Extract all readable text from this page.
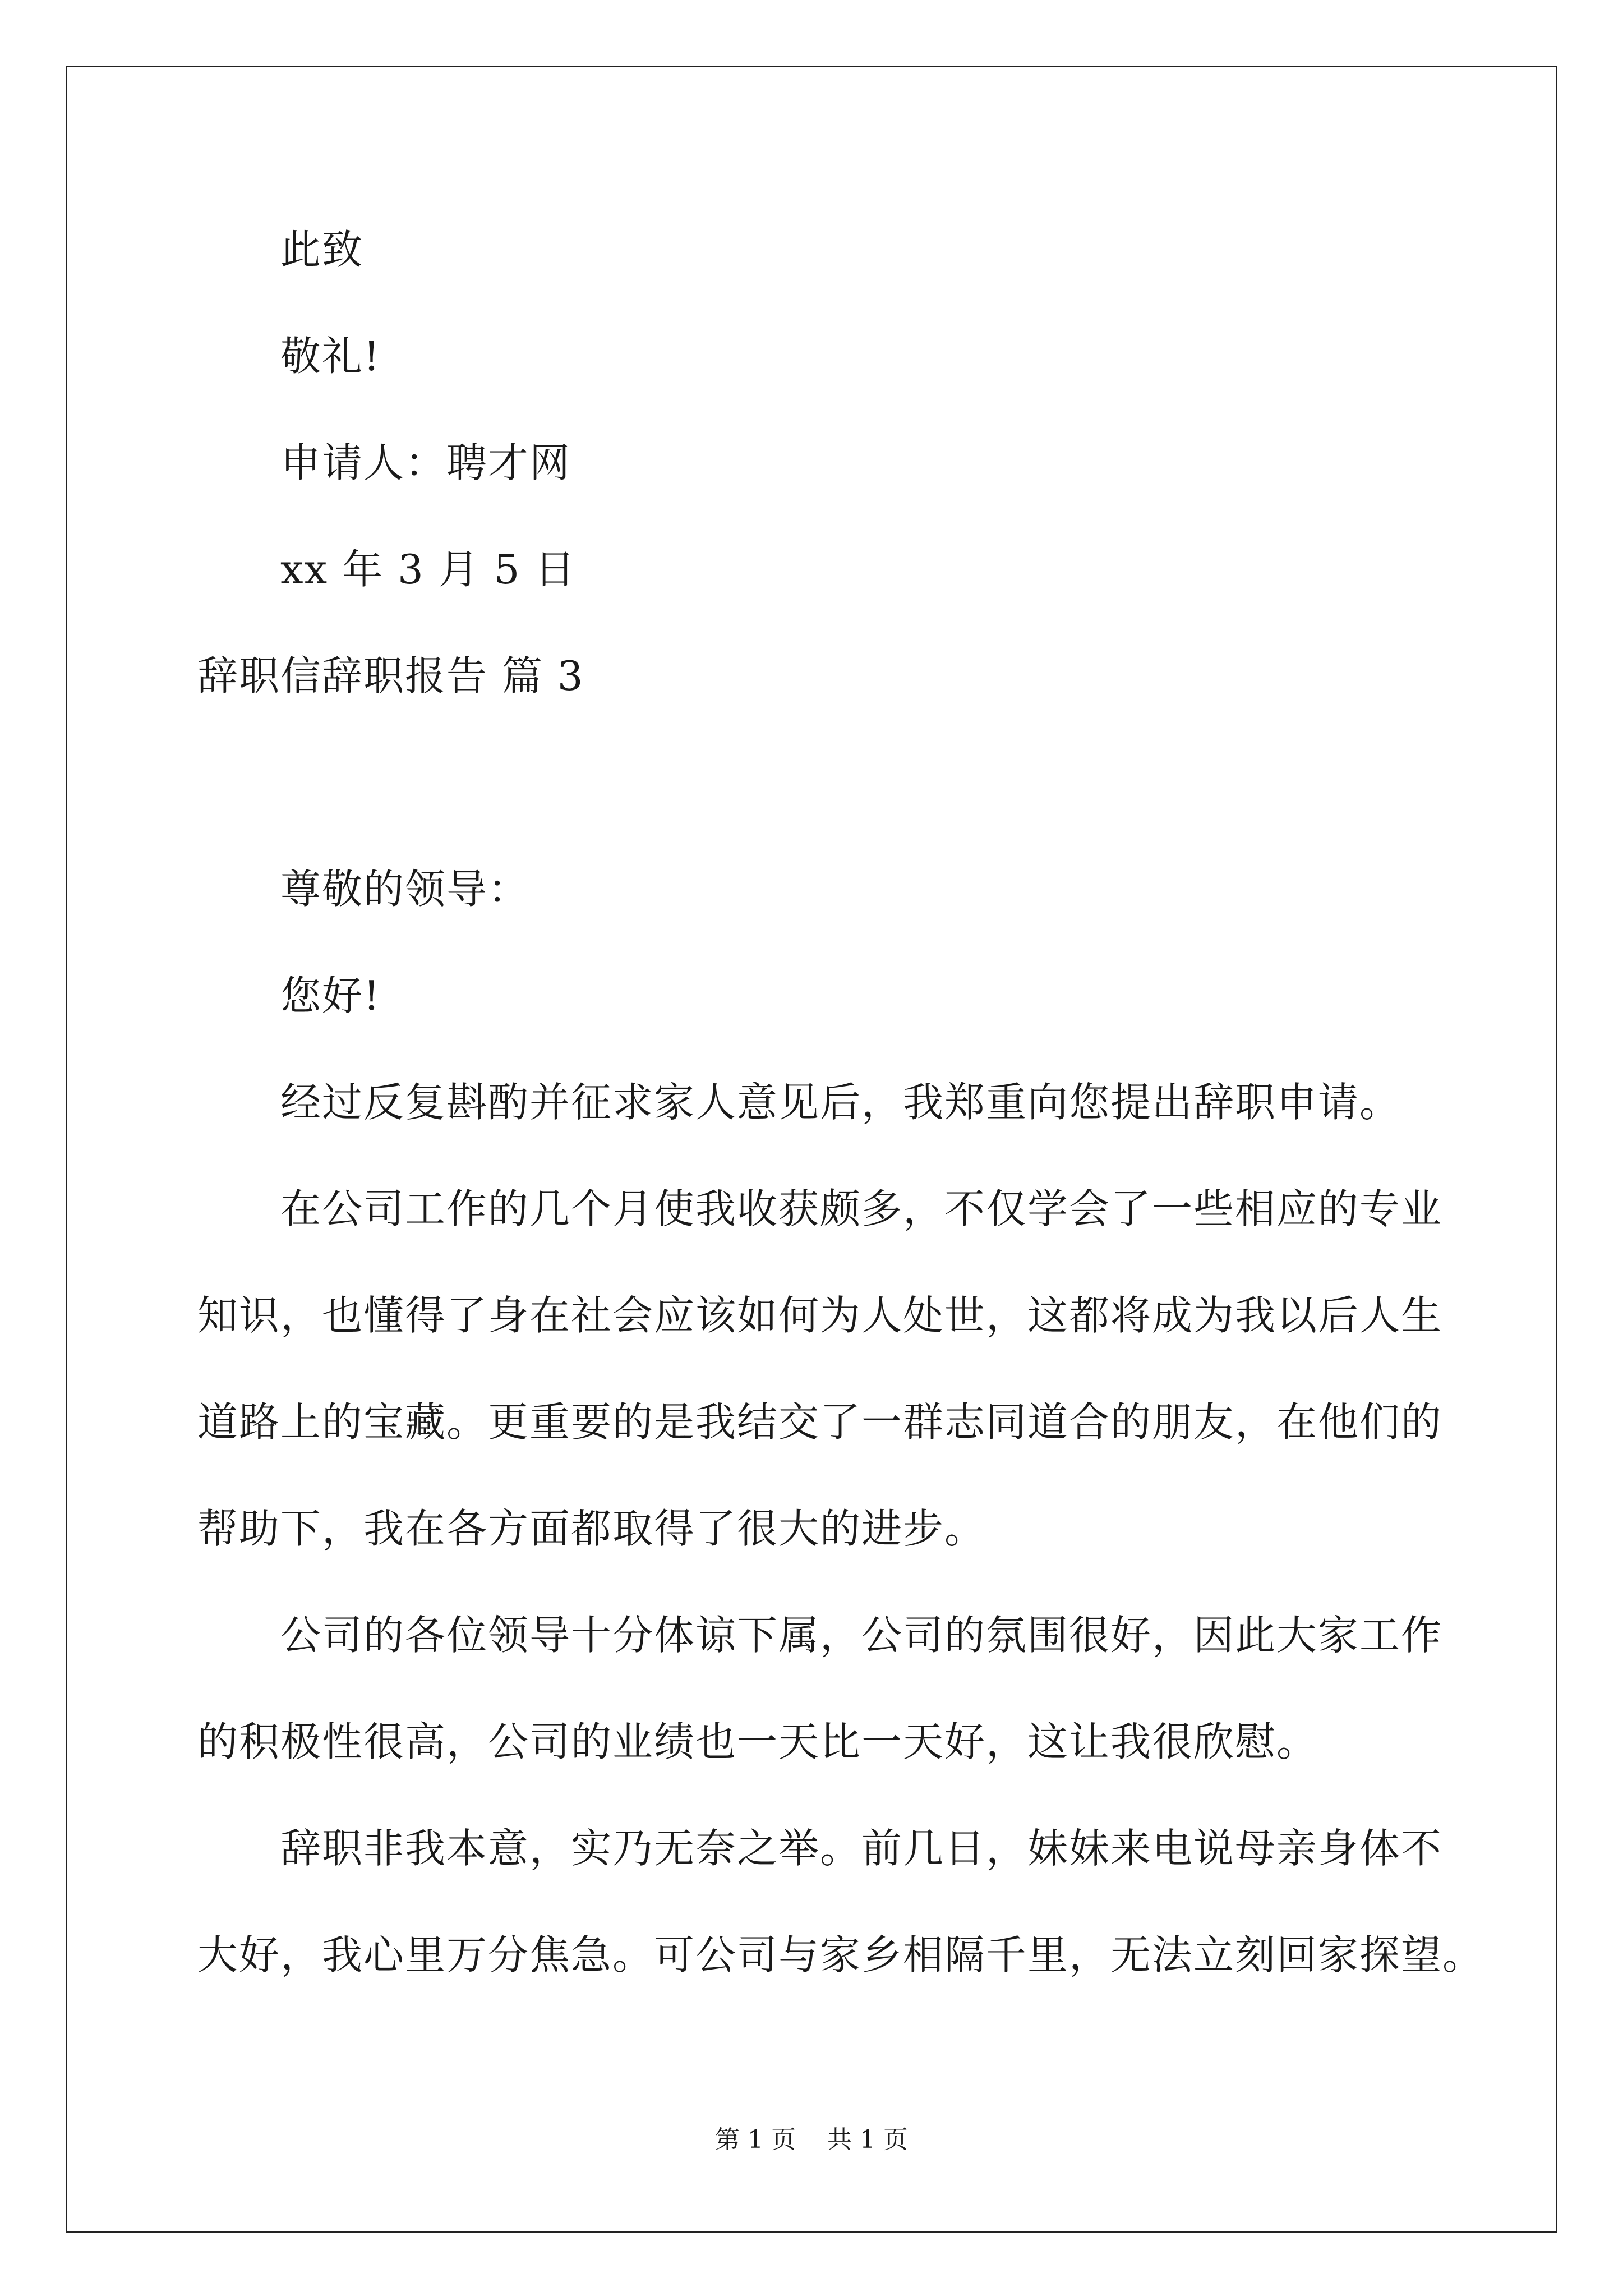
此致
敬礼!
申请人：聘才网
xx 年 3 月 5 日
辞职信辞职报告 篇 3
尊敬的领导：
您好!
经过反复斟酌并征求家人意见后，我郑重向您提出辞职申请。
在公司工作的几个月使我收获颇多，不仅学会了一些相应的专业
知识，也懂得了身在社会应该如何为人处世，这都将成为我以后人生
道路上的宝藏。更重要的是我结交了一群志同道合的朋友，在他们的
帮助下，我在各方面都取得了很大的进步。
公司的各位领导十分体谅下属，公司的氛围很好，因此大家工作
的积极性很高，公司的业绩也一天比一天好，这让我很欣慰。
辞职非我本意，实乃无奈之举。前几日，妹妹来电说母亲身体不
大好，我心里万分焦急。可公司与家乡相隔千里，无法立刻回家探望。
第 1 页    共 1 页
